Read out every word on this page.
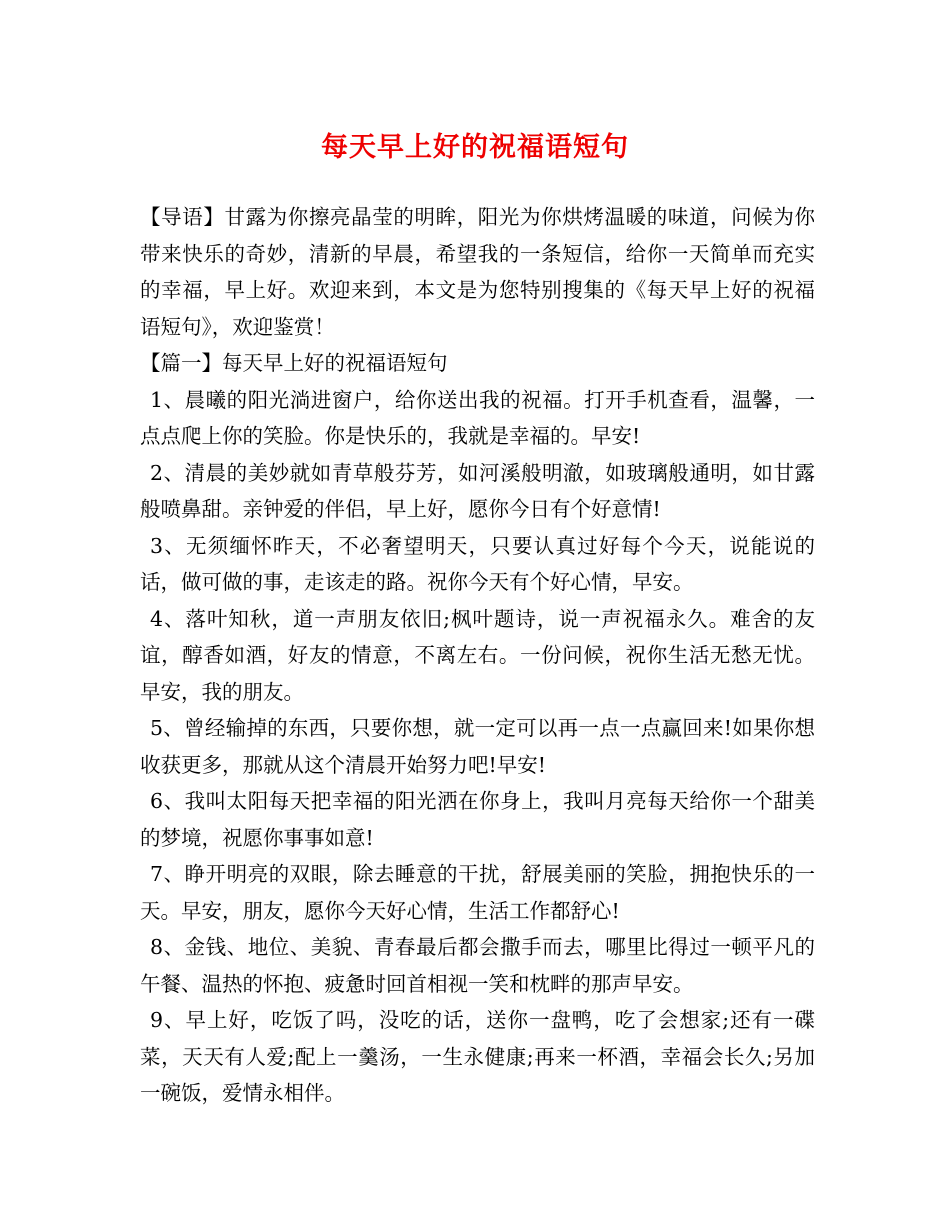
每天早上好的祝福语短句

【导语】甘露为你擦亮晶莹的明眸，阳光为你烘烤温暖的味道，问候为你带来快乐的奇妙，清新的早晨，希望我的一条短信，给你一天简单而充实的幸福，早上好。欢迎来到，本文是为您特别搜集的《每天早上好的祝福语短句》，欢迎鉴赏！

【篇一】每天早上好的祝福语短句

1、晨曦的阳光淌进窗户，给你送出我的祝福。打开手机查看，温馨，一点点爬上你的笑脸。你是快乐的，我就是幸福的。早安!

2、清晨的美妙就如青草般芬芳，如河溪般明澈，如玻璃般通明，如甘露般喷鼻甜。亲钟爱的伴侣，早上好，愿你今日有个好意情!

3、无须缅怀昨天，不必奢望明天，只要认真过好每个今天，说能说的话，做可做的事，走该走的路。祝你今天有个好心情，早安。

4、落叶知秋，道一声朋友依旧;枫叶题诗，说一声祝福永久。难舍的友谊，醇香如酒，好友的情意，不离左右。一份问候，祝你生活无愁无忧。早安，我的朋友。

5、曾经输掉的东西，只要你想，就一定可以再一点一点赢回来!如果你想收获更多，那就从这个清晨开始努力吧!早安!

6、我叫太阳每天把幸福的阳光洒在你身上，我叫月亮每天给你一个甜美的梦境，祝愿你事事如意!

7、睁开明亮的双眼，除去睡意的干扰，舒展美丽的笑脸，拥抱快乐的一天。早安，朋友，愿你今天好心情，生活工作都舒心!

8、金钱、地位、美貌、青春最后都会撒手而去，哪里比得过一顿平凡的午餐、温热的怀抱、疲惫时回首相视一笑和枕畔的那声早安。

9、早上好，吃饭了吗，没吃的话，送你一盘鸭，吃了会想家;还有一碟菜，天天有人爱;配上一羹汤，一生永健康;再来一杯酒，幸福会长久;另加一碗饭，爱情永相伴。
